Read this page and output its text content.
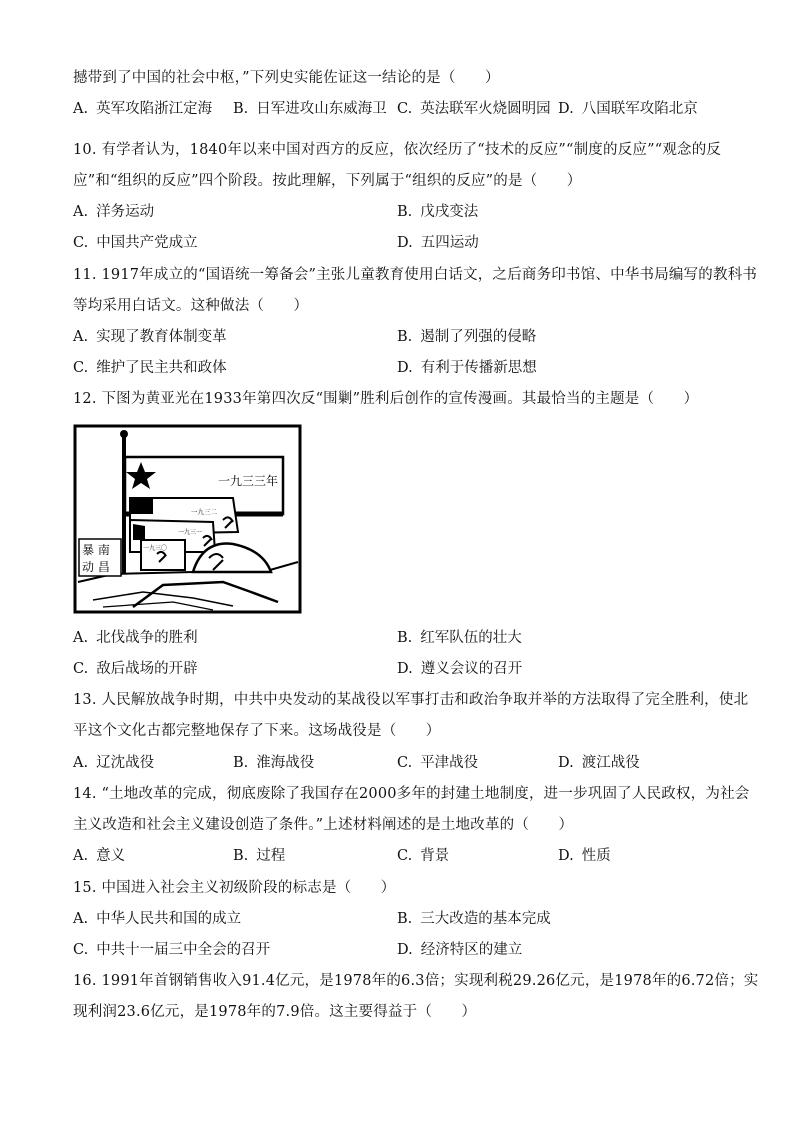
撼带到了中国的社会中枢，”下列史实能佐证这一结论的是（　　）
A. 英军攻陷浙江定海 B. 日军进攻山东威海卫 C. 英法联军火烧圆明园 D. 八国联军攻陷北京
10. 有学者认为，1840年以来中国对西方的反应，依次经历了“技术的反应”“制度的反应”“观念的反
应”和“组织的反应”四个阶段。按此理解，下列属于“组织的反应”的是（　　）
A. 洋务运动	B. 戊戌变法
C. 中国共产党成立	D. 五四运动
11. 1917年成立的“国语统一筹备会”主张儿童教育使用白话文，之后商务印书馆、中华书局编写的教科书
等均采用白话文。这种做法（　　）
A. 实现了教育体制变革	B. 遏制了列强的侵略
C. 维护了民主共和政体	D. 有利于传播新思想
12. 下图为黄亚光在1933年第四次反“围剿”胜利后创作的宣传漫画。其最恰当的主题是（　　）
一九三三年
一九三二
一九三一
一九三〇
暴 南
动 昌
A. 北伐战争的胜利	B. 红军队伍的壮大
C. 敌后战场的开辟	D. 遵义会议的召开
13. 人民解放战争时期，中共中央发动的某战役以军事打击和政治争取并举的方法取得了完全胜利，使北
平这个文化古都完整地保存了下来。这场战役是（　　）
A. 辽沈战役	B. 淮海战役	C. 平津战役	D. 渡江战役
14. “土地改革的完成，彻底废除了我国存在2000多年的封建土地制度，进一步巩固了人民政权，为社会
主义改造和社会主义建设创造了条件。”上述材料阐述的是土地改革的（　　）
A. 意义	B. 过程	C. 背景	D. 性质
15. 中国进入社会主义初级阶段的标志是（　　）
A. 中华人民共和国的成立	B. 三大改造的基本完成
C. 中共十一届三中全会的召开	D. 经济特区的建立
16. 1991年首钢销售收入91.4亿元，是1978年的6.3倍；实现利税29.26亿元，是1978年的6.72倍；实
现利润23.6亿元，是1978年的7.9倍。这主要得益于（　　）
